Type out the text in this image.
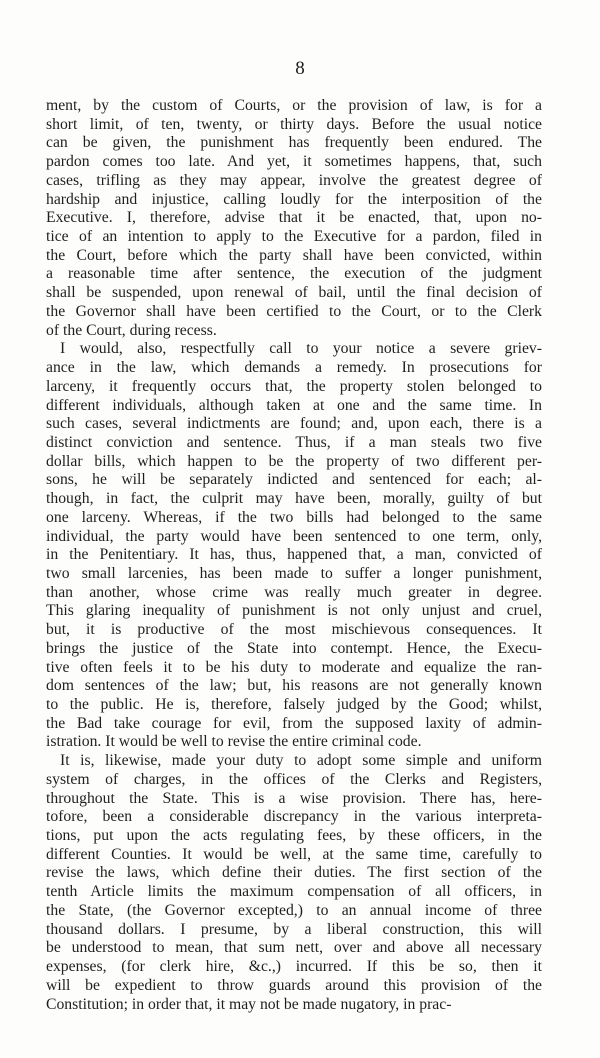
8
ment, by the custom of Courts, or the provision of law, is for a
short limit, of ten, twenty, or thirty days. Before the usual notice
can be given, the punishment has frequently been endured. The
pardon comes too late. And yet, it sometimes happens, that, such
cases, trifling as they may appear, involve the greatest degree of
hardship and injustice, calling loudly for the interposition of the
Executive. I, therefore, advise that it be enacted, that, upon no-
tice of an intention to apply to the Executive for a pardon, filed in
the Court, before which the party shall have been convicted, within
a reasonable time after sentence, the execution of the judgment
shall be suspended, upon renewal of bail, until the final decision of
the Governor shall have been certified to the Court, or to the Clerk
of the Court, during recess.
I would, also, respectfully call to your notice a severe griev-
ance in the law, which demands a remedy. In prosecutions for
larceny, it frequently occurs that, the property stolen belonged to
different individuals, although taken at one and the same time. In
such cases, several indictments are found; and, upon each, there is a
distinct conviction and sentence. Thus, if a man steals two five
dollar bills, which happen to be the property of two different per-
sons, he will be separately indicted and sentenced for each; al-
though, in fact, the culprit may have been, morally, guilty of but
one larceny. Whereas, if the two bills had belonged to the same
individual, the party would have been sentenced to one term, only,
in the Penitentiary. It has, thus, happened that, a man, convicted of
two small larcenies, has been made to suffer a longer punishment,
than another, whose crime was really much greater in degree.
This glaring inequality of punishment is not only unjust and cruel,
but, it is productive of the most mischievous consequences. It
brings the justice of the State into contempt. Hence, the Execu-
tive often feels it to be his duty to moderate and equalize the ran-
dom sentences of the law; but, his reasons are not generally known
to the public. He is, therefore, falsely judged by the Good; whilst,
the Bad take courage for evil, from the supposed laxity of admin-
istration. It would be well to revise the entire criminal code.
It is, likewise, made your duty to adopt some simple and uniform
system of charges, in the offices of the Clerks and Registers,
throughout the State. This is a wise provision. There has, here-
tofore, been a considerable discrepancy in the various interpreta-
tions, put upon the acts regulating fees, by these officers, in the
different Counties. It would be well, at the same time, carefully to
revise the laws, which define their duties. The first section of the
tenth Article limits the maximum compensation of all officers, in
the State, (the Governor excepted,) to an annual income of three
thousand dollars. I presume, by a liberal construction, this will
be understood to mean, that sum nett, over and above all necessary
expenses, (for clerk hire, &c.,) incurred. If this be so, then it
will be expedient to throw guards around this provision of the
Constitution; in order that, it may not be made nugatory, in prac-
